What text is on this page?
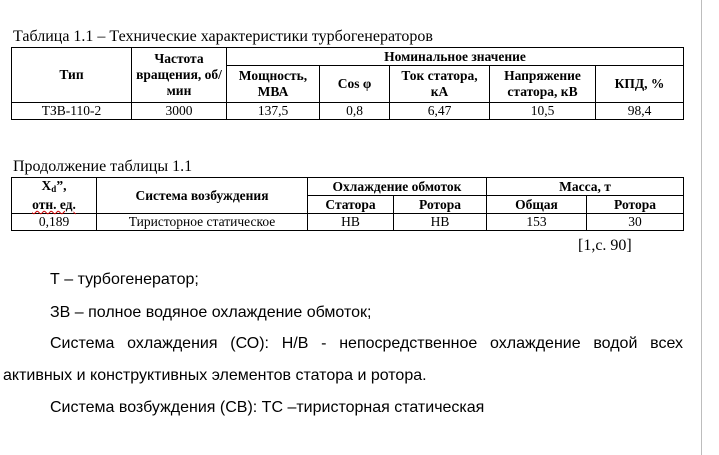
Таблица 1.1 – Технические характеристики турбогенераторов
Тип	Частота вращения, об/мин	Номинальное значение				
		Мощность, МВА	Cos φ	Ток статора, кА	Напряжение статора, кВ	КПД, %
ТЗВ-110-2	3000	137,5	0,8	6,47	10,5	98,4
Продолжение таблицы 1.1
Xd”,
отн. ед.	Система возбуждения	Охлаждение обмоток		Масса, т	
		Статора	Ротора	Общая	Ротора
0,189	Тиристорное статическое	НВ	НВ	153	30
[1,с. 90]
Т – турбогенератор;
ЗВ – полное водяное охлаждение обмоток;
Система охлаждения (СО): Н/В - непосредственное охлаждение водой всех
активных и конструктивных элементов статора и ротора.
Система возбуждения (СВ): ТС –тиристорная статическая
